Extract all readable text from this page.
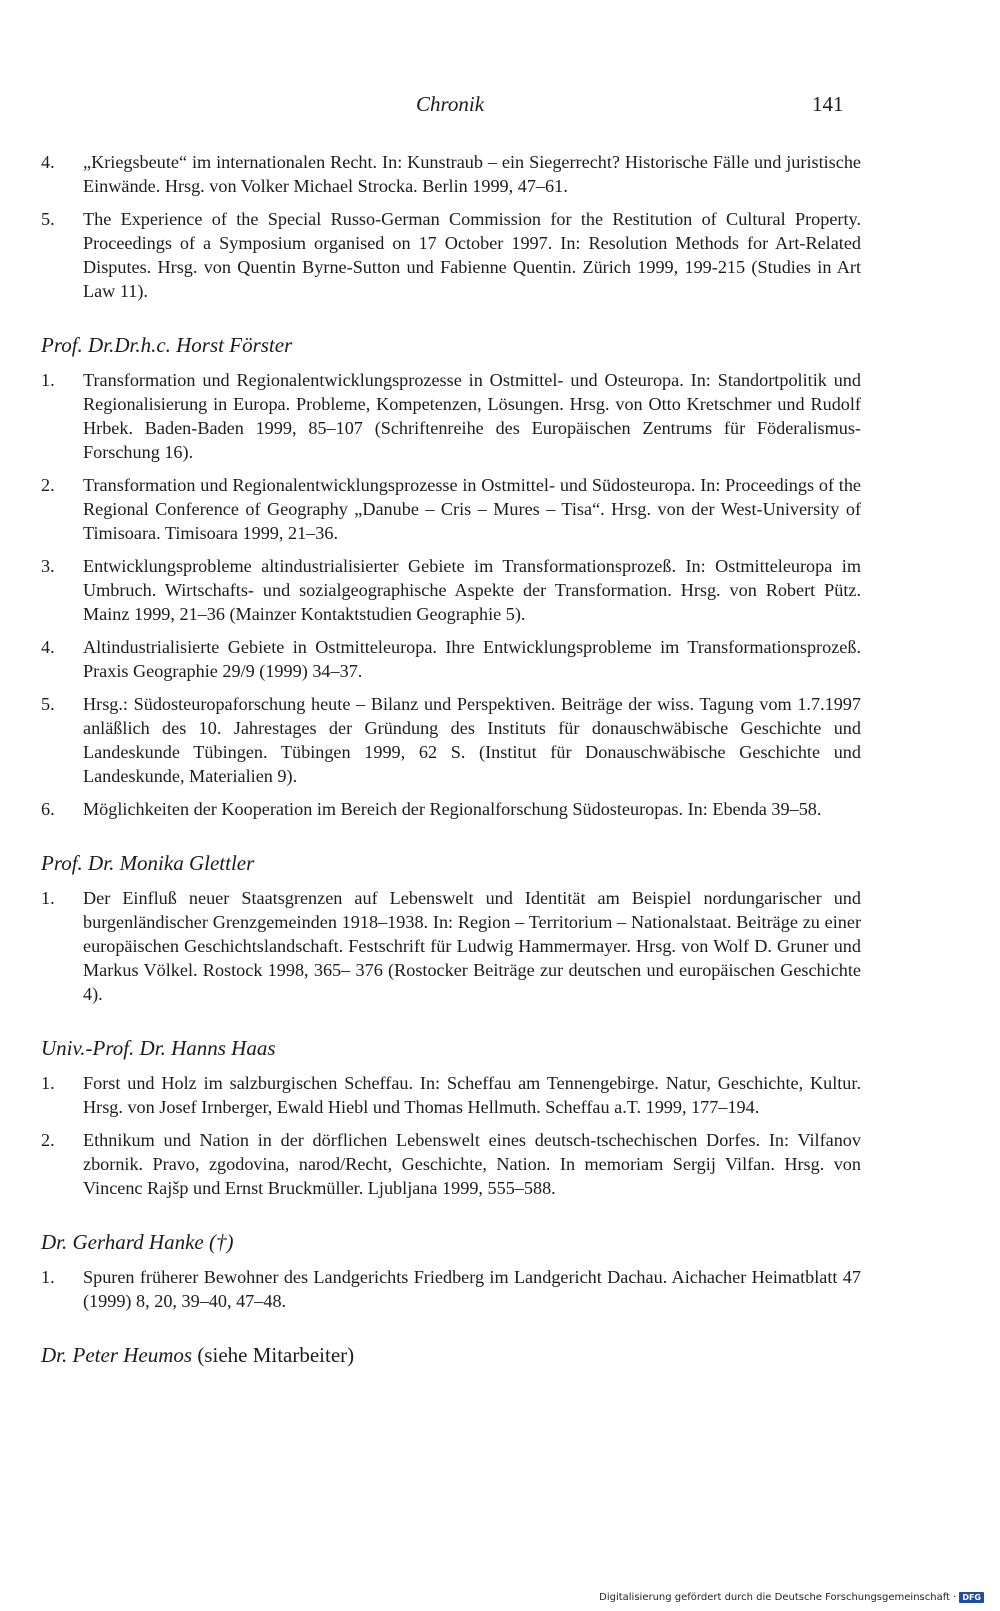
Chronik	141
4. „Kriegsbeute“ im internationalen Recht. In: Kunstraub – ein Siegerrecht? Historische Fälle und juristische Einwände. Hrsg. von Volker Michael Strocka. Berlin 1999, 47–61.
5. The Experience of the Special Russo-German Commission for the Restitution of Cultural Property. Proceedings of a Symposium organised on 17 October 1997. In: Resolution Methods for Art-Related Disputes. Hrsg. von Quentin Byrne-Sutton und Fabienne Quentin. Zürich 1999, 199-215 (Studies in Art Law 11).
Prof. Dr.Dr.h.c. Horst Förster
1. Transformation und Regionalentwicklungsprozesse in Ostmittel- und Osteuropa. In: Standortpolitik und Regionalisierung in Europa. Probleme, Kompetenzen, Lösungen. Hrsg. von Otto Kretschmer und Rudolf Hrbek. Baden-Baden 1999, 85–107 (Schriftenreihe des Europäischen Zentrums für Föderalismus-Forschung 16).
2. Transformation und Regionalentwicklungsprozesse in Ostmittel- und Südosteuropa. In: Proceedings of the Regional Conference of Geography „Danube – Cris – Mures – Tisa“. Hrsg. von der West-University of Timisoara. Timisoara 1999, 21–36.
3. Entwicklungsprobleme altindustrialisierter Gebiete im Transformationsprozeß. In: Ostmitteleuropa im Umbruch. Wirtschafts- und sozialgeographische Aspekte der Transformation. Hrsg. von Robert Pütz. Mainz 1999, 21–36 (Mainzer Kontaktstudien Geographie 5).
4. Altindustrialisierte Gebiete in Ostmitteleuropa. Ihre Entwicklungsprobleme im Transformationsprozeß. Praxis Geographie 29/9 (1999) 34–37.
5. Hrsg.: Südosteuropaforschung heute – Bilanz und Perspektiven. Beiträge der wiss. Tagung vom 1.7.1997 anläßlich des 10. Jahrestages der Gründung des Instituts für donauschwäbische Geschichte und Landeskunde Tübingen. Tübingen 1999, 62 S. (Institut für Donauschwäbische Geschichte und Landeskunde, Materialien 9).
6. Möglichkeiten der Kooperation im Bereich der Regionalforschung Südosteuropas. In: Ebenda 39–58.
Prof. Dr. Monika Glettler
1. Der Einfluß neuer Staatsgrenzen auf Lebenswelt und Identität am Beispiel nordungarischer und burgenländischer Grenzgemeinden 1918–1938. In: Region – Territorium – Nationalstaat. Beiträge zu einer europäischen Geschichtslandschaft. Festschrift für Ludwig Hammermayer. Hrsg. von Wolf D. Gruner und Markus Völkel. Rostock 1998, 365– 376 (Rostocker Beiträge zur deutschen und europäischen Geschichte 4).
Univ.-Prof. Dr. Hanns Haas
1. Forst und Holz im salzburgischen Scheffau. In: Scheffau am Tennengebirge. Natur, Geschichte, Kultur. Hrsg. von Josef Irnberger, Ewald Hiebl und Thomas Hellmuth. Scheffau a.T. 1999, 177–194.
2. Ethnikum und Nation in der dörflichen Lebenswelt eines deutsch-tschechischen Dorfes. In: Vilfanov zbornik. Pravo, zgodovina, narod/Recht, Geschichte, Nation. In memoriam Sergij Vilfan. Hrsg. von Vincenc Rajšp und Ernst Bruckmüller. Ljubljana 1999, 555–588.
Dr. Gerhard Hanke (†)
1. Spuren früherer Bewohner des Landgerichts Friedberg im Landgericht Dachau. Aichacher Heimatblatt 47 (1999) 8, 20, 39–40, 47–48.
Dr. Peter Heumos (siehe Mitarbeiter)
Digitalisierung gefördert durch die Deutsche Forschungsgemeinschaft · DFG
